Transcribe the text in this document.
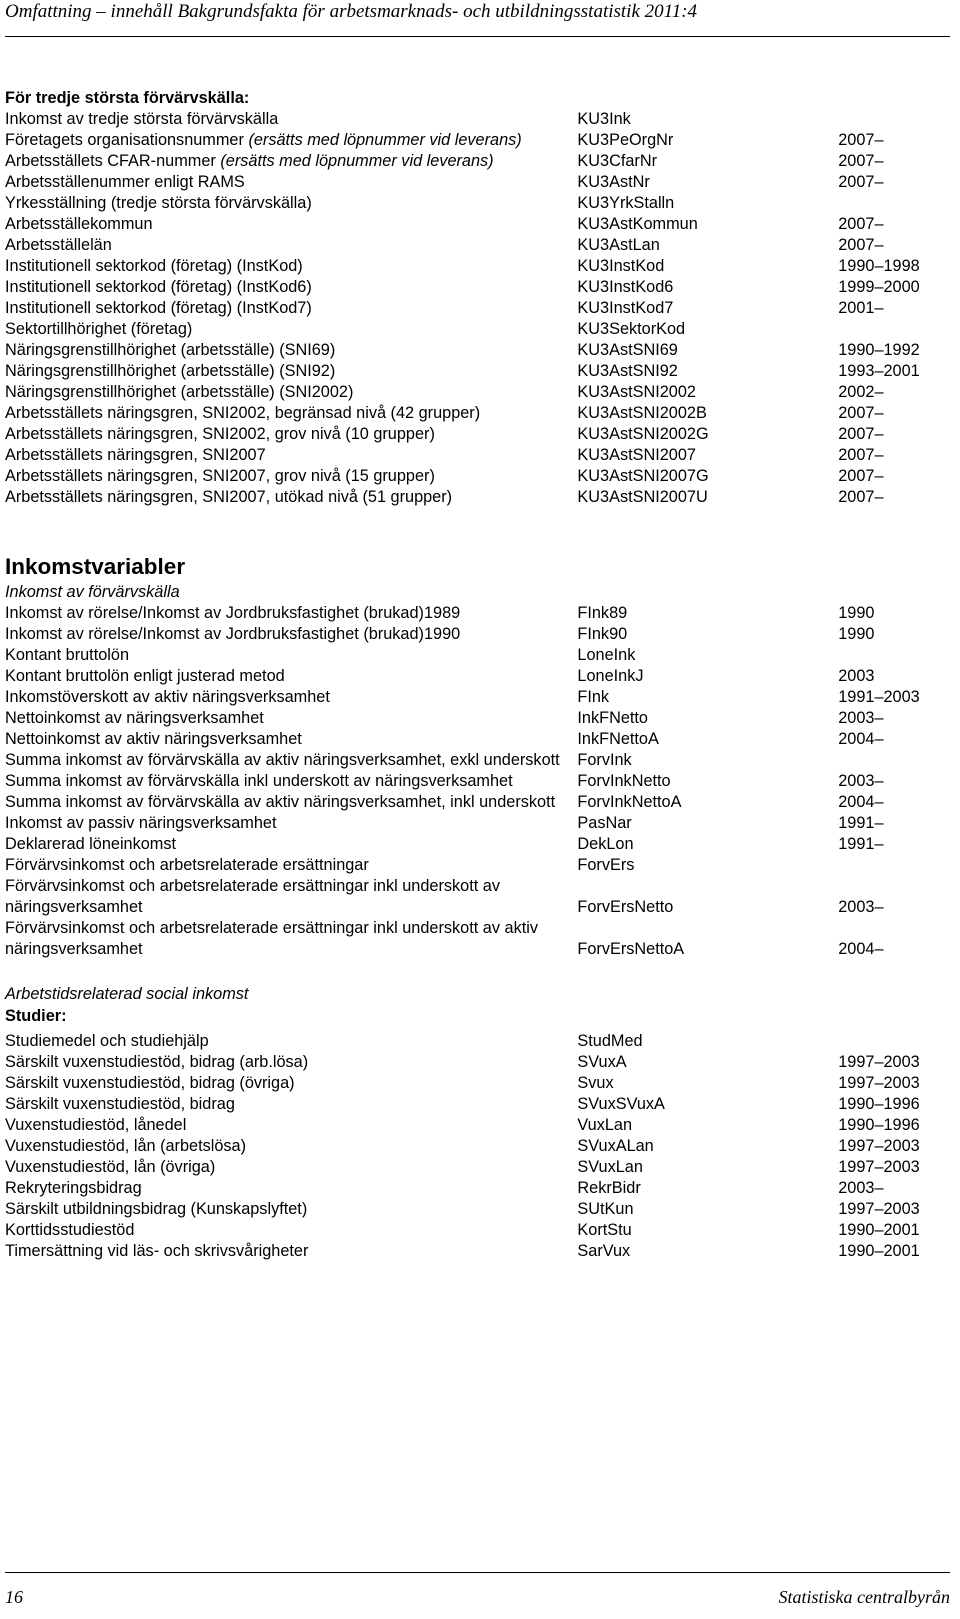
Omfattning – innehåll Bakgrundsfakta för arbetsmarknads- och utbildningsstatistik 2011:4
För tredje största förvärvskälla:
Inkomst av tredje största förvärvskälla	KU3Ink
Företagets organisationsnummer (ersätts med löpnummer vid leverans)	KU3PeOrgNr	2007–
Arbetsställets CFAR-nummer (ersätts med löpnummer vid leverans)	KU3CfarNr	2007–
Arbetsställenummer enligt RAMS	KU3AstNr	2007–
Yrkesställning (tredje största förvärvskälla)	KU3YrkStalln
Arbetsställekommun	KU3AstKommun	2007–
Arbetsställelän	KU3AstLan	2007–
Institutionell sektorkod (företag) (InstKod)	KU3InstKod	1990–1998
Institutionell sektorkod (företag) (InstKod6)	KU3InstKod6	1999–2000
Institutionell sektorkod (företag) (InstKod7)	KU3InstKod7	2001–
Sektortillhörighet (företag)	KU3SektorKod
Näringsgrenstillhörighet (arbetsställe) (SNI69)	KU3AstSNI69	1990–1992
Näringsgrenstillhörighet (arbetsställe) (SNI92)	KU3AstSNI92	1993–2001
Näringsgrenstillhörighet (arbetsställe) (SNI2002)	KU3AstSNI2002	2002–
Arbetsställets näringsgren, SNI2002, begränsad nivå (42 grupper)	KU3AstSNI2002B	2007–
Arbetsställets näringsgren, SNI2002, grov nivå (10 grupper)	KU3AstSNI2002G	2007–
Arbetsställets näringsgren, SNI2007	KU3AstSNI2007	2007–
Arbetsställets näringsgren, SNI2007, grov nivå (15 grupper)	KU3AstSNI2007G	2007–
Arbetsställets näringsgren, SNI2007, utökad nivå (51 grupper)	KU3AstSNI2007U	2007–
Inkomstvariabler
Inkomst av förvärvskälla
Inkomst av rörelse/Inkomst av Jordbruksfastighet (brukad)1989	FInk89	1990
Inkomst av rörelse/Inkomst av Jordbruksfastighet (brukad)1990	FInk90	1990
Kontant bruttolön	LoneInk
Kontant bruttolön enligt justerad metod	LoneInkJ	2003
Inkomstöverskott av aktiv näringsverksamhet	FInk	1991–2003
Nettoinkomst av näringsverksamhet	InkFNetto	2003–
Nettoinkomst av aktiv näringsverksamhet	InkFNettoA	2004–
Summa inkomst av förvärvskälla av aktiv näringsverksamhet, exkl underskott	ForvInk
Summa inkomst av förvärvskälla inkl underskott av näringsverksamhet	ForvInkNetto	2003–
Summa inkomst av förvärvskälla av aktiv näringsverksamhet, inkl underskott	ForvInkNettoA	2004–
Inkomst av passiv näringsverksamhet	PasNar	1991–
Deklarerad löneinkomst	DekLon	1991–
Förvärvsinkomst och arbetsrelaterade ersättningar	ForvErs
Förvärvsinkomst och arbetsrelaterade ersättningar inkl underskott av näringsverksamhet	ForvErsNetto	2003–
Förvärvsinkomst och arbetsrelaterade ersättningar inkl underskott av aktiv näringsverksamhet	ForvErsNettoA	2004–
Arbetstidsrelaterad social inkomst
Studier:
Studiemedel och studiehjälp	StudMed
Särskilt vuxenstudiestöd, bidrag (arb.lösa)	SVuxA	1997–2003
Särskilt vuxenstudiestöd, bidrag (övriga)	Svux	1997–2003
Särskilt vuxenstudiestöd, bidrag	SVuxSVuxA	1990–1996
Vuxenstudiestöd, lånedel	VuxLan	1990–1996
Vuxenstudiestöd, lån (arbetslösa)	SVuxALan	1997–2003
Vuxenstudiestöd, lån (övriga)	SVuxLan	1997–2003
Rekryteringsbidrag	RekrBidr	2003–
Särskilt utbildningsbidrag (Kunskapslyftet)	SUtKun	1997–2003
Korttidsstudiestöd	KortStu	1990–2001
Timersättning vid läs- och skrivsvårigheter	SarVux	1990–2001
16	Statistiska centralbyrån
